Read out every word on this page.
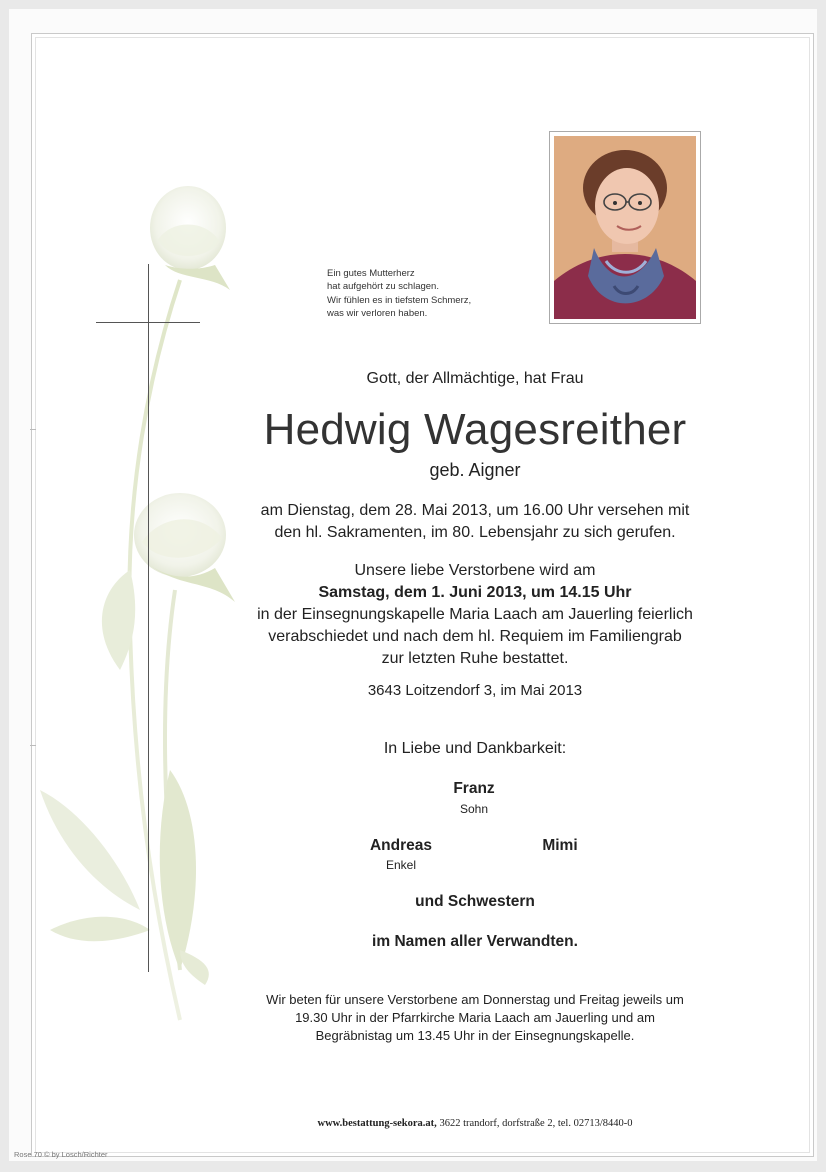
Ein gutes Mutterherz
hat aufgehört zu schlagen.
Wir fühlen es in tiefstem Schmerz,
was wir verloren haben.
Gott, der Allmächtige, hat Frau
Hedwig Wagesreither
geb. Aigner
am Dienstag, dem 28. Mai 2013, um 16.00 Uhr versehen mit
den hl. Sakramenten, im 80. Lebensjahr zu sich gerufen.
Unsere liebe Verstorbene wird am
Samstag, dem 1. Juni 2013, um 14.15 Uhr
in der Einsegnungskapelle Maria Laach am Jauerling feierlich
verabschiedet und nach dem hl. Requiem im Familiengrab
zur letzten Ruhe bestattet.
3643 Loitzendorf 3, im Mai 2013
In Liebe und Dankbarkeit:
Franz
Sohn
Andreas
Enkel
Mimi
und Schwestern
im Namen aller Verwandten.
Wir beten für unsere Verstorbene am Donnerstag und Freitag jeweils um
19.30 Uhr in der Pfarrkirche Maria Laach am Jauerling und am
Begräbnistag um 13.45 Uhr in der Einsegnungskapelle.
www.bestattung-sekora.at, 3622 trandorf, dorfstraße 2, tel. 02713/8440-0
Rose 70 © by Losch/Richter
